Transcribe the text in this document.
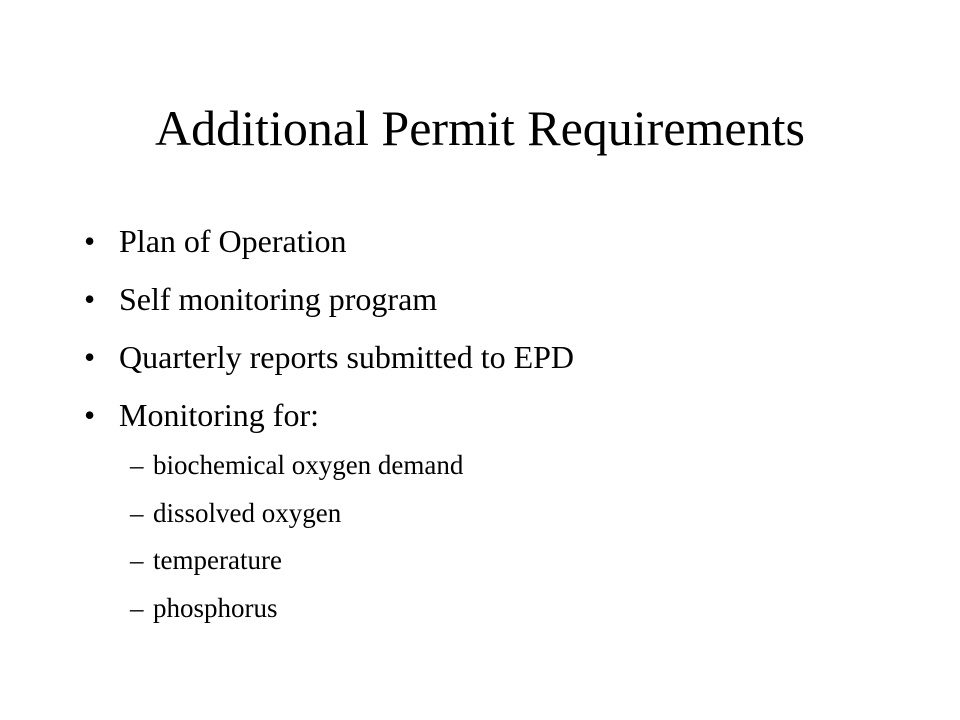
Additional Permit Requirements
• Plan of Operation
• Self monitoring program
• Quarterly reports submitted to EPD
• Monitoring for:
– biochemical oxygen demand
– dissolved oxygen
– temperature
– phosphorus
